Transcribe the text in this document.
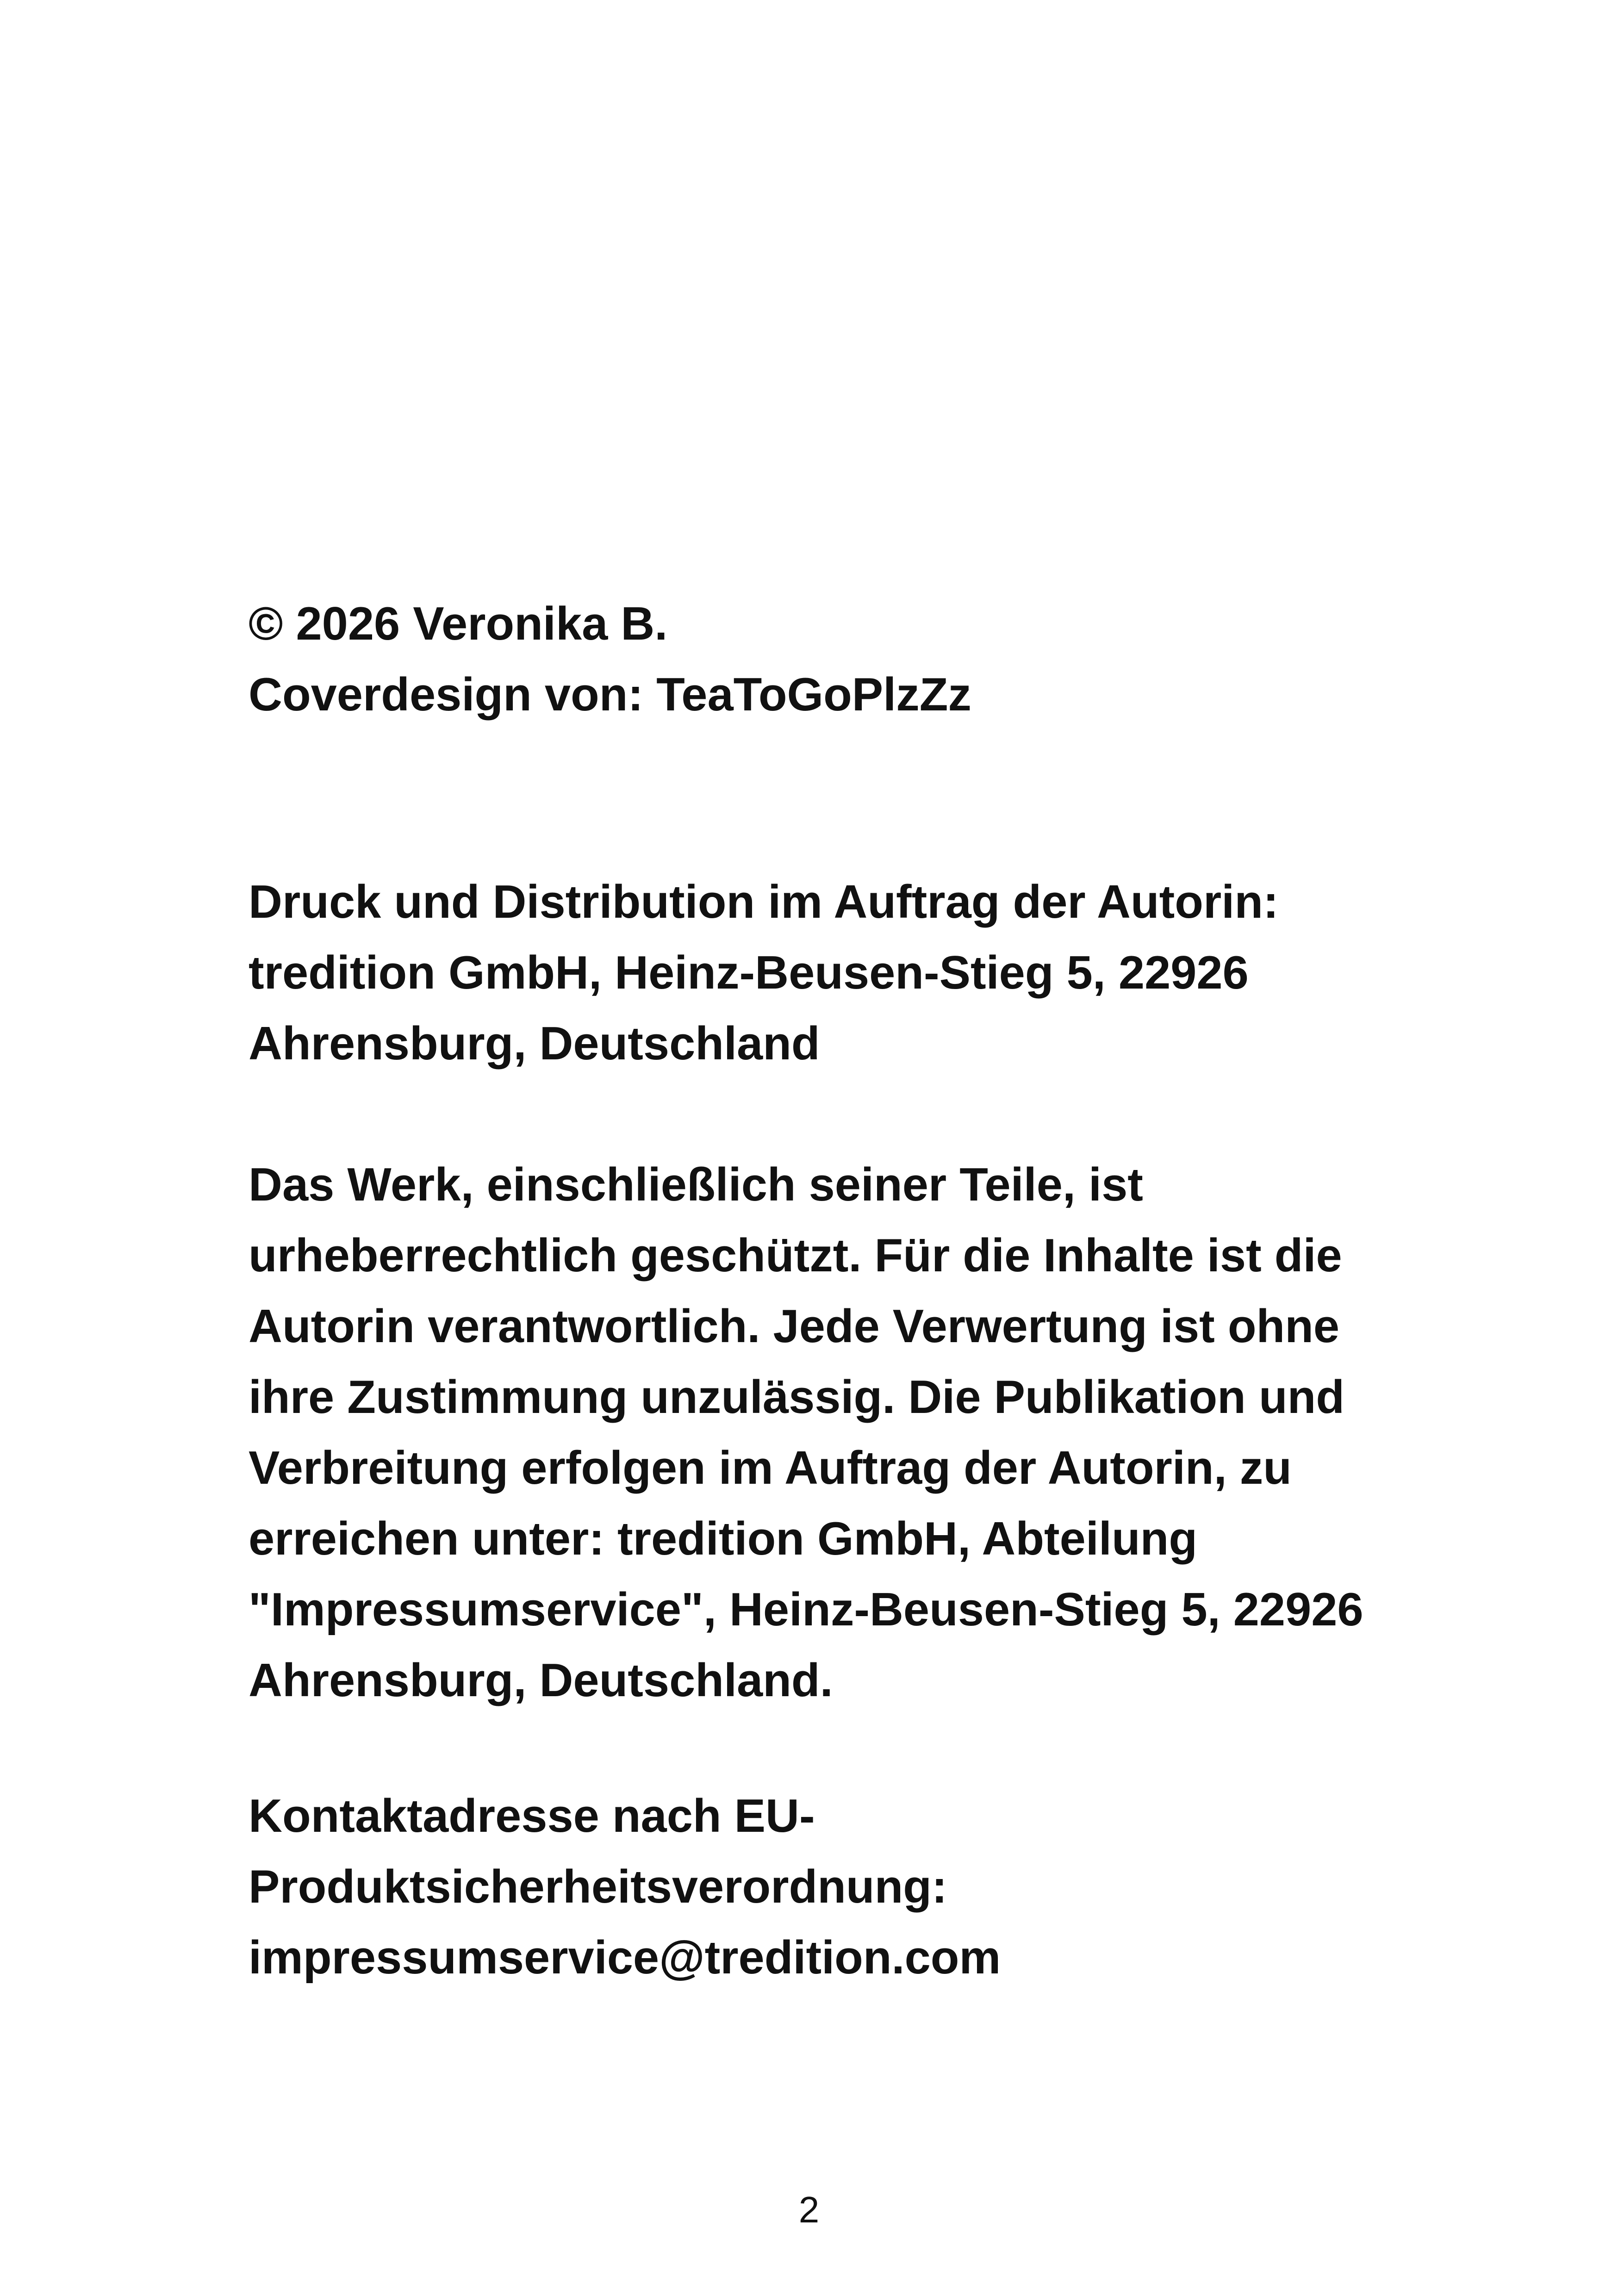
© 2026 Veronika B.
Coverdesign von: TeaToGoPlzZz
Druck und Distribution im Auftrag der Autorin:
tredition GmbH, Heinz-Beusen-Stieg 5, 22926
Ahrensburg, Deutschland
Das Werk, einschließlich seiner Teile, ist
urheberrechtlich geschützt. Für die Inhalte ist die
Autorin verantwortlich. Jede Verwertung ist ohne
ihre Zustimmung unzulässig. Die Publikation und
Verbreitung erfolgen im Auftrag der Autorin, zu
erreichen unter: tredition GmbH, Abteilung
"Impressumservice", Heinz-Beusen-Stieg 5, 22926
Ahrensburg, Deutschland.
Kontaktadresse nach EU-
Produktsicherheitsverordnung:
impressumservice@tredition.com
2
